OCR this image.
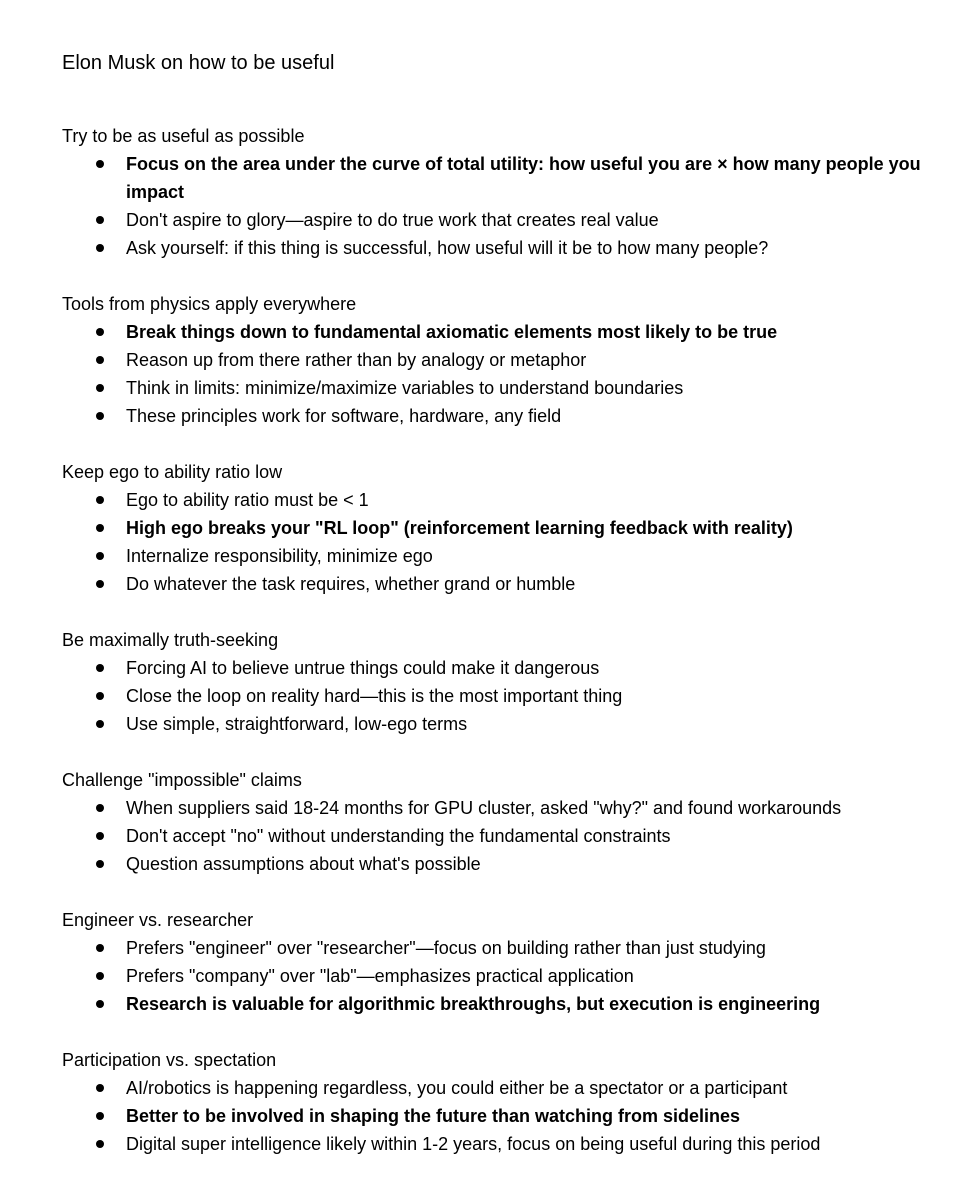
Elon Musk on how to be useful
Try to be as useful as possible
Focus on the area under the curve of total utility: how useful you are × how many people you impact
Don't aspire to glory—aspire to do true work that creates real value
Ask yourself: if this thing is successful, how useful will it be to how many people?
Tools from physics apply everywhere
Break things down to fundamental axiomatic elements most likely to be true
Reason up from there rather than by analogy or metaphor
Think in limits: minimize/maximize variables to understand boundaries
These principles work for software, hardware, any field
Keep ego to ability ratio low
Ego to ability ratio must be < 1
High ego breaks your "RL loop" (reinforcement learning feedback with reality)
Internalize responsibility, minimize ego
Do whatever the task requires, whether grand or humble
Be maximally truth-seeking
Forcing AI to believe untrue things could make it dangerous
Close the loop on reality hard—this is the most important thing
Use simple, straightforward, low-ego terms
Challenge "impossible" claims
When suppliers said 18-24 months for GPU cluster, asked "why?" and found workarounds
Don't accept "no" without understanding the fundamental constraints
Question assumptions about what's possible
Engineer vs. researcher
Prefers "engineer" over "researcher"—focus on building rather than just studying
Prefers "company" over "lab"—emphasizes practical application
Research is valuable for algorithmic breakthroughs, but execution is engineering
Participation vs. spectation
AI/robotics is happening regardless, you could either be a spectator or a participant
Better to be involved in shaping the future than watching from sidelines
Digital super intelligence likely within 1-2 years, focus on being useful during this period
